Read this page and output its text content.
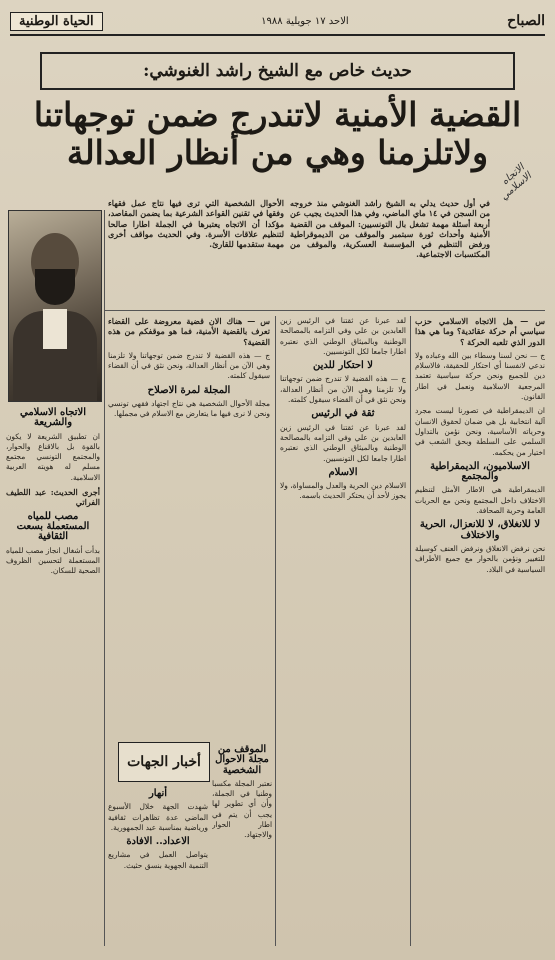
الصباح
الاحد ١٧ جويلية ١٩٨٨
الحياة الوطنية
حديث خاص مع الشيخ راشد الغنوشي:
القضية الأمنية لاتندرج ضمن توجهاتنا
ولاتلزمنا وهي من أنظار العدالة
الاتجاه الاسلامي

في أول حديث يدلي به الشيخ راشد الغنوشي منذ خروجه من السجن في ١٤ ماي الماضي، وفي هذا الحديث يجيب عن أربعة أسئلة مهمة تشغل بال التونسيين: الموقف من القضية الأمنية وأحداث ثورة سبتمبر والموقف من الديموقراطية ورفض التنظيم في المؤسسة العسكرية، والموقف من المكتسبات الاجتماعية.

الأحوال الشخصية التي ترى فيها نتاج عمل فقهاء وفقها في تقنين القواعد الشرعية بما يضمن المقاصد، مؤكدا أن الاتجاه يعتبرها في الجملة اطارا صالحا لتنظيم علاقات الأسرة. وفي الحديث مواقف أخرى مهمة ستقدمها للقارئ.

س — هل الاتجاه الاسلامي حزب سياسي أم حركة عقائدية؟ وما هي هذا الدور الذي تلعبه الحركة ؟

ج — نحن لسنا وسطاء بين الله وعباده ولا ندعي لانفسنا أي احتكار للحقيقة، فالاسلام دين للجميع ونحن حركة سياسية تعتمد المرجعية الاسلامية ونعمل في اطار القانون.

ان الديمقراطية في تصورنا ليست مجرد آلية انتخابية بل هي ضمان لحقوق الانسان وحرياته الأساسية، ونحن نؤمن بالتداول السلمي على السلطة وبحق الشعب في اختيار من يحكمه.

الاسلاميون، الديمقراطية والمجتمع

الديمقراطية هي الاطار الأمثل لتنظيم الاختلاف داخل المجتمع ونحن مع الحريات العامة وحرية الصحافة.

لا للانغلاق، لا للانعزال، الحرية والاختلاف

نحن نرفض الانغلاق ونرفض العنف كوسيلة للتغيير ونؤمن بالحوار مع جميع الأطراف السياسية في البلاد.

لقد عبرنا عن ثقتنا في الرئيس زين العابدين بن علي وفي التزامه بالمصالحة الوطنية وبالميثاق الوطني الذي نعتبره اطارا جامعا لكل التونسيين.

لا احتكار للدين

ج — هذه القضية لا تندرج ضمن توجهاتنا ولا تلزمنا وهي الآن من أنظار العدالة، ونحن نثق في أن القضاء سيقول كلمته.

ثقة في الرئيس

لقد عبرنا عن ثقتنا في الرئيس زين العابدين بن علي وفي التزامه بالمصالحة الوطنية وبالميثاق الوطني الذي نعتبره اطارا جامعا لكل التونسيين.

الاسلام

الاسلام دين الحرية والعدل والمساواة، ولا يجوز لأحد أن يحتكر الحديث باسمه.

س — هناك الان قضية معروضة على القضاء تعرف بالقضية الأمنية، فما هو موقفكم من هذه القضية؟

ج — هذه القضية لا تندرج ضمن توجهاتنا ولا تلزمنا وهي الآن من أنظار العدالة، ونحن نثق في أن القضاء سيقول كلمته.

المجلة لمرة الاصلاح

مجلة الأحوال الشخصية هي نتاج اجتهاد فقهي تونسي ونحن لا نرى فيها ما يتعارض مع الاسلام في مجملها.

أخبار الجهات
الموقف من مجلة الاحوال الشخصية

نعتبر المجلة مكسبا وطنيا في الجملة، وأن أي تطوير لها يجب أن يتم في اطار الحوار والاجتهاد.

أنهار

شهدت الجهة خلال الأسبوع الماضي عدة تظاهرات ثقافية ورياضية بمناسبة عيد الجمهورية.

الاعداد.. الافادة

يتواصل العمل في مشاريع التنمية الجهوية بنسق حثيث.

الاتجاه الاسلامي والشريعة

ان تطبيق الشريعة لا يكون بالقوة بل بالاقناع والحوار، والمجتمع التونسي مجتمع مسلم له هويته العربية الاسلامية.

أجرى الحديث: عبد اللطيف الفراتي

مصب للمياه المستعملة بسعت الثقافية

بدأت أشغال انجاز مصب للمياه المستعملة لتحسين الظروف الصحية للسكان.
